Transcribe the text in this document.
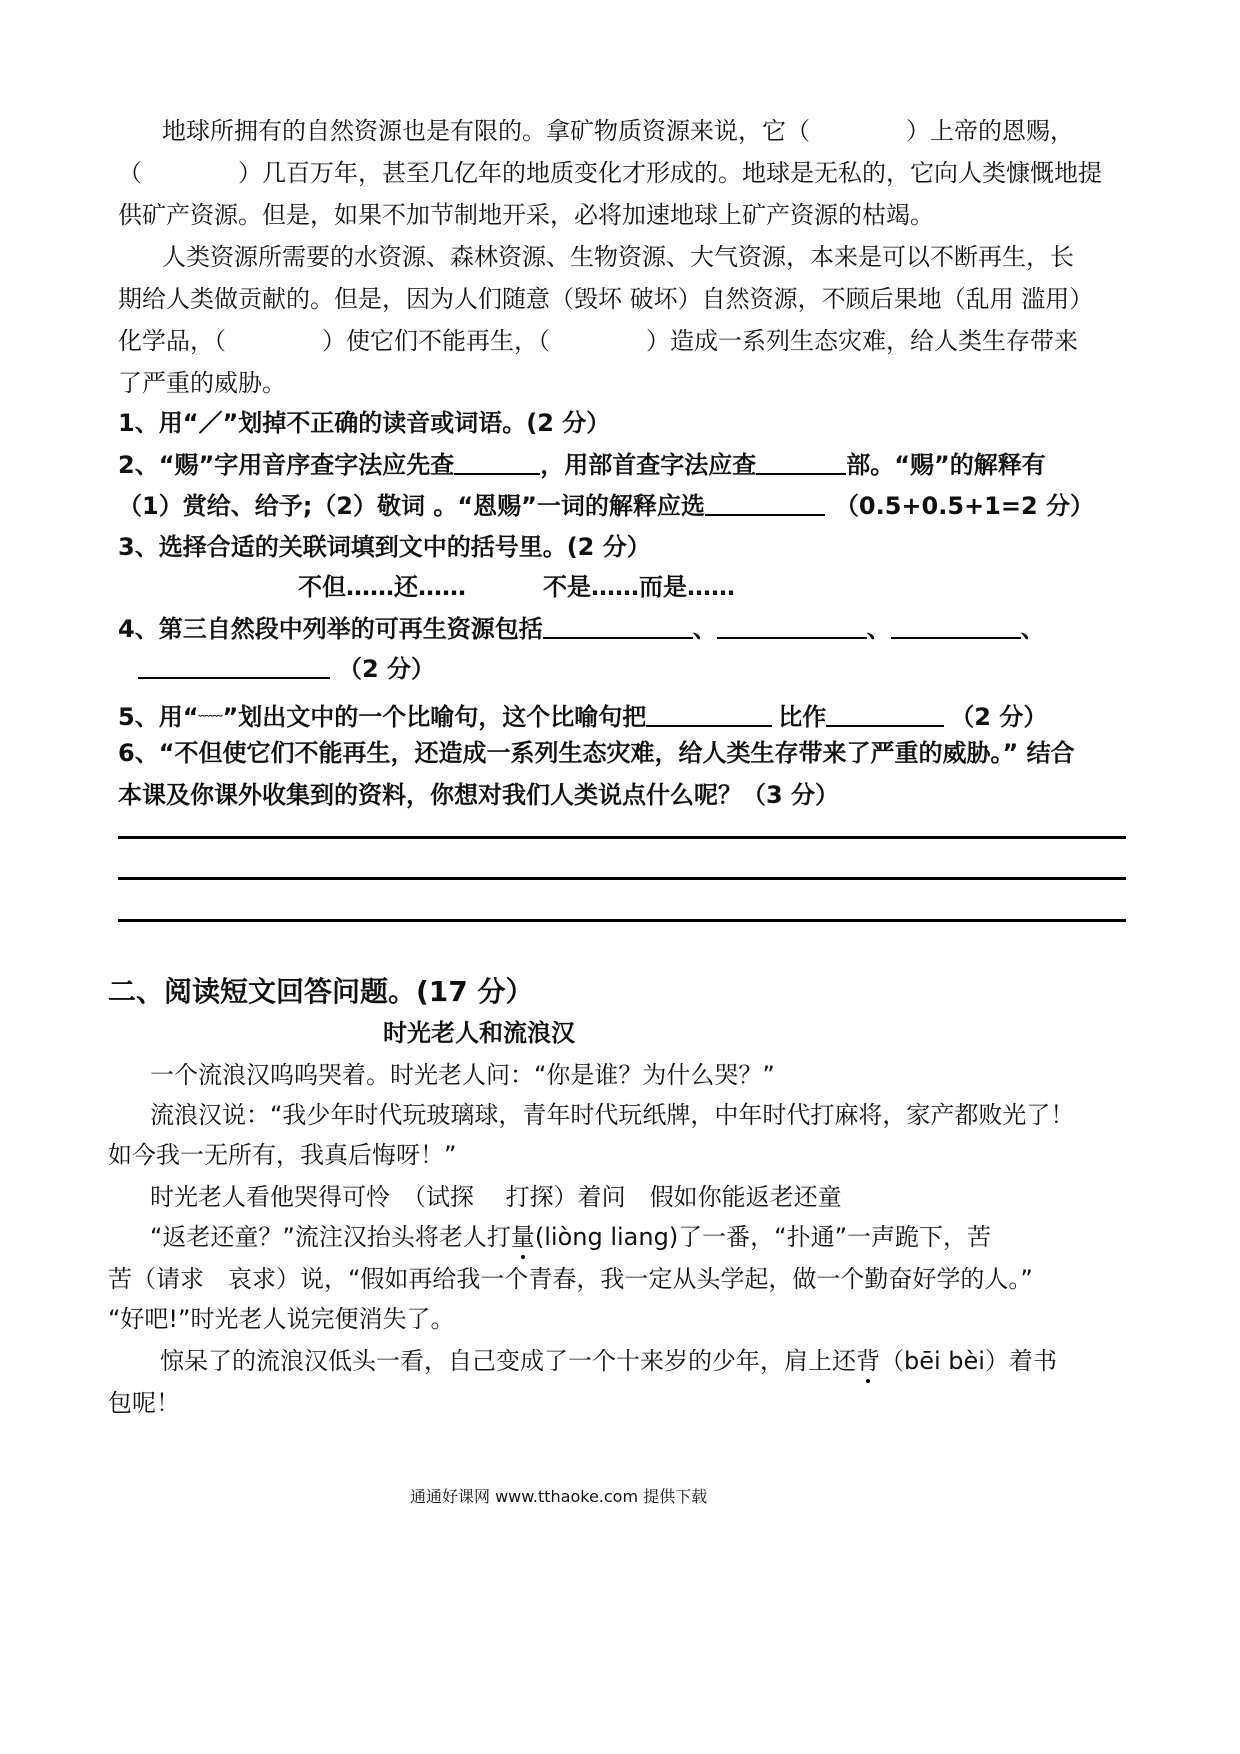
地球所拥有的自然资源也是有限的。拿矿物质资源来说，它（　　　　）上帝的恩赐，
（　　　　）几百万年，甚至几亿年的地质变化才形成的。地球是无私的，它向人类慷慨地提
供矿产资源。但是，如果不加节制地开采，必将加速地球上矿产资源的枯竭。
人类资源所需要的水资源、森林资源、生物资源、大气资源，本来是可以不断再生，长
期给人类做贡献的。但是，因为人们随意（毁坏 破坏）自然资源，不顾后果地（乱用 滥用）
化学品，（　　　　）使它们不能再生，（　　　　）造成一系列生态灾难，给人类生存带来
了严重的威胁。
1、用“／”划掉不正确的读音或词语。(2 分）
2、“赐”字用音序查字法应先查	，用部首查字法应查	部。“赐”的解释有
（1）赏给、给予;（2）敬词 。“恩赐”一词的解释应选	（0.5+0.5+1=2 分）
3、选择合适的关联词填到文中的括号里。(2 分）
不但……还……	不是……而是……
4、第三自然段中列举的可再生资源包括	、	、	、
（2 分）
5、用“﹏﹏”划出文中的一个比喻句，这个比喻句把	比作	（2 分）
6、“不但使它们不能再生，还造成一系列生态灾难，给人类生存带来了严重的威胁。” 结合
本课及你课外收集到的资料，你想对我们人类说点什么呢？（3 分）
二、阅读短文回答问题。(17 分）
时光老人和流浪汉
一个流浪汉呜呜哭着。时光老人问：“你是谁？为什么哭？”
流浪汉说：“我少年时代玩玻璃球，青年时代玩纸牌，中年时代打麻将，家产都败光了！
如今我一无所有，我真后悔呀！”
时光老人看他哭得可怜　（试探　 打探）着问　假如你能返老还童
“返老还童？”流注汉抬头将老人打量(liòng liang)了一番，“扑通”一声跪下，苦
苦（请求　哀求）说，“假如再给我一个青春，我一定从头学起，做一个勤奋好学的人。”
“好吧!”时光老人说完便消失了。
惊呆了的流浪汉低头一看，自己变成了一个十来岁的少年，肩上还背（bēi bèi）着书
包呢！
通通好课网 www.tthaoke.com 提供下载
